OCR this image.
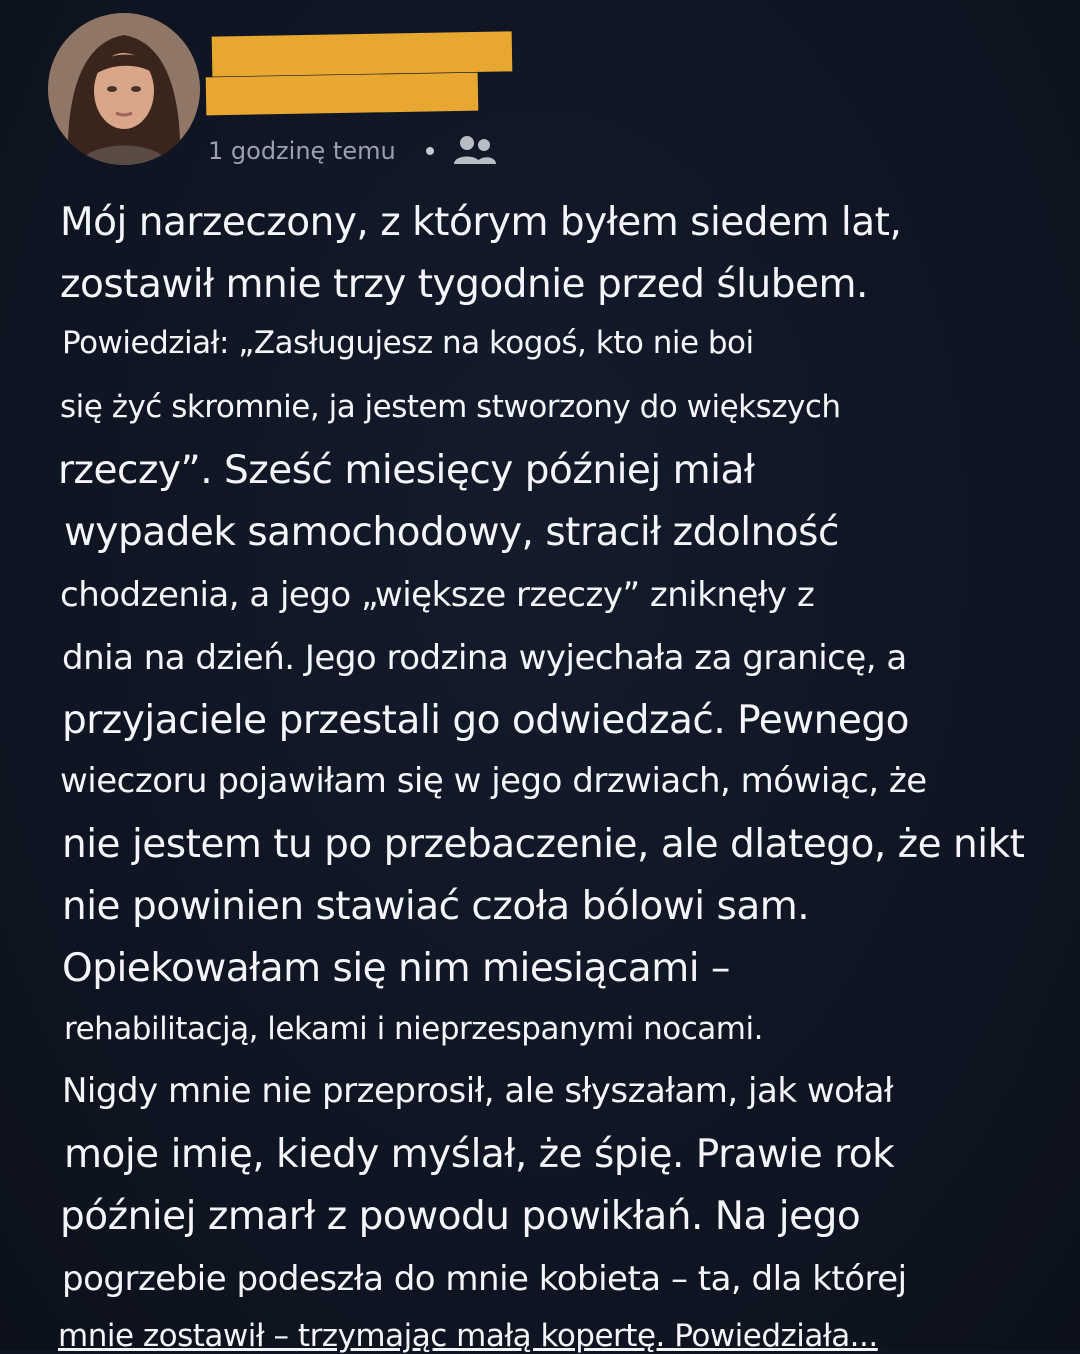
1 godzinę temu
Mój narzeczony, z którym byłem siedem lat,
zostawił mnie trzy tygodnie przed ślubem.
Powiedział: „Zasługujesz na kogoś, kto nie boi
się żyć skromnie, ja jestem stworzony do większych
rzeczy”. Sześć miesięcy później miał
wypadek samochodowy, stracił zdolność
chodzenia, a jego „większe rzeczy” zniknęły z
dnia na dzień. Jego rodzina wyjechała za granicę, a
przyjaciele przestali go odwiedzać. Pewnego
wieczoru pojawiłam się w jego drzwiach, mówiąc, że
nie jestem tu po przebaczenie, ale dlatego, że nikt
nie powinien stawiać czoła bólowi sam.
Opiekowałam się nim miesiącami –
rehabilitacją, lekami i nieprzespanymi nocami.
Nigdy mnie nie przeprosił, ale słyszałam, jak wołał
moje imię, kiedy myślał, że śpię. Prawie rok
później zmarł z powodu powikłań. Na jego
pogrzebie podeszła do mnie kobieta – ta, dla której
mnie zostawił – trzymając małą kopertę. Powiedziała...
